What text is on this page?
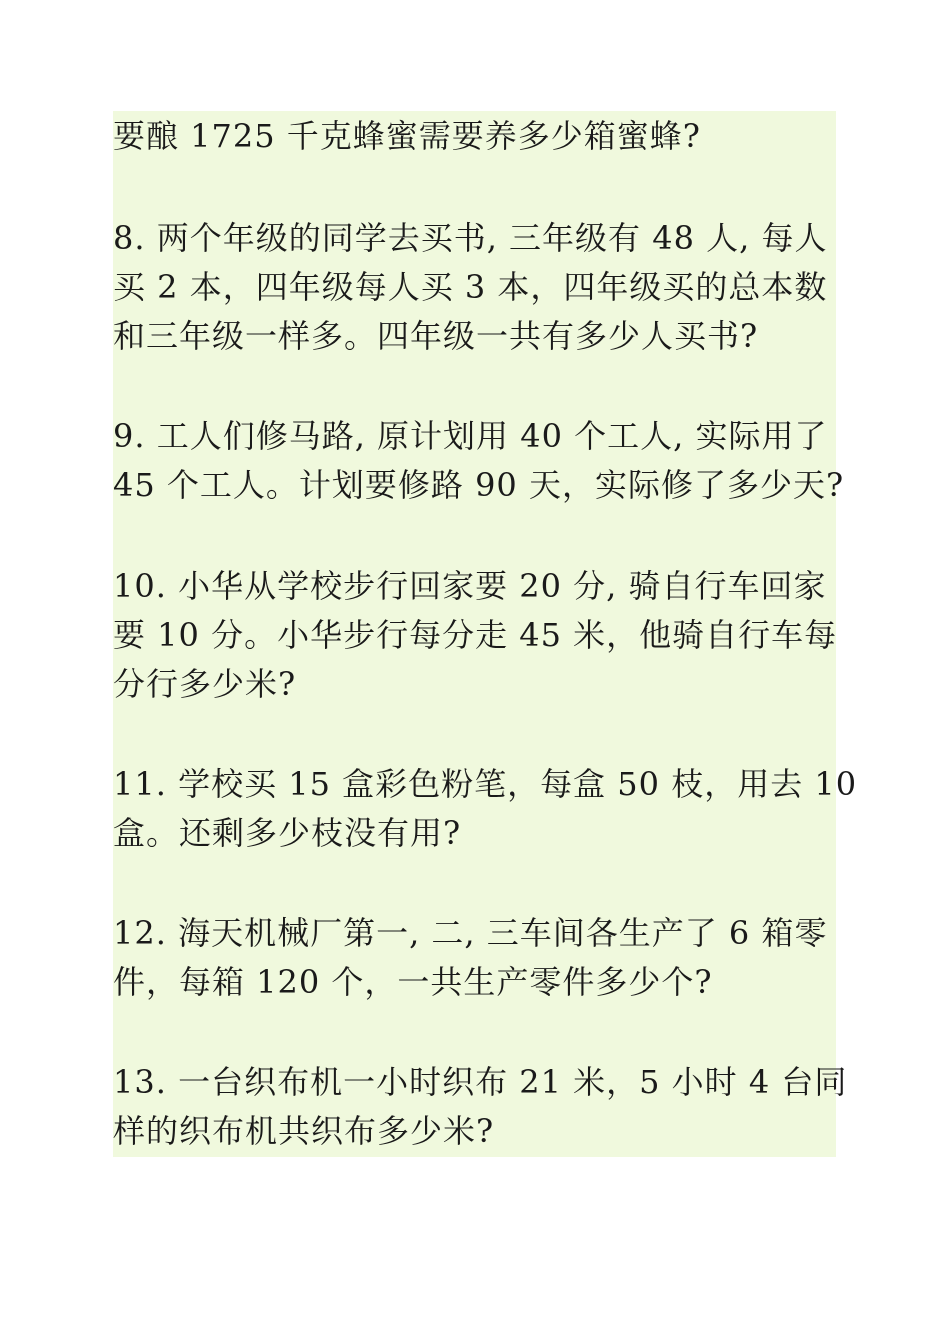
要酿 1725 千克蜂蜜需要养多少箱蜜蜂?
8. 两个年级的同学去买书, 三年级有 48 人, 每人
买 2 本，四年级每人买 3 本，四年级买的总本数
和三年级一样多。四年级一共有多少人买书?
9. 工人们修马路, 原计划用 40 个工人, 实际用了
45 个工人。计划要修路 90 天，实际修了多少天?
10. 小华从学校步行回家要 20 分, 骑自行车回家
要 10 分。小华步行每分走 45 米，他骑自行车每
分行多少米?
11. 学校买 15 盒彩色粉笔，每盒 50 枝，用去 10
盒。还剩多少枝没有用?
12. 海天机械厂第一, 二, 三车间各生产了 6 箱零
件，每箱 120 个，一共生产零件多少个?
13. 一台织布机一小时织布 21 米，5 小时 4 台同
样的织布机共织布多少米?
